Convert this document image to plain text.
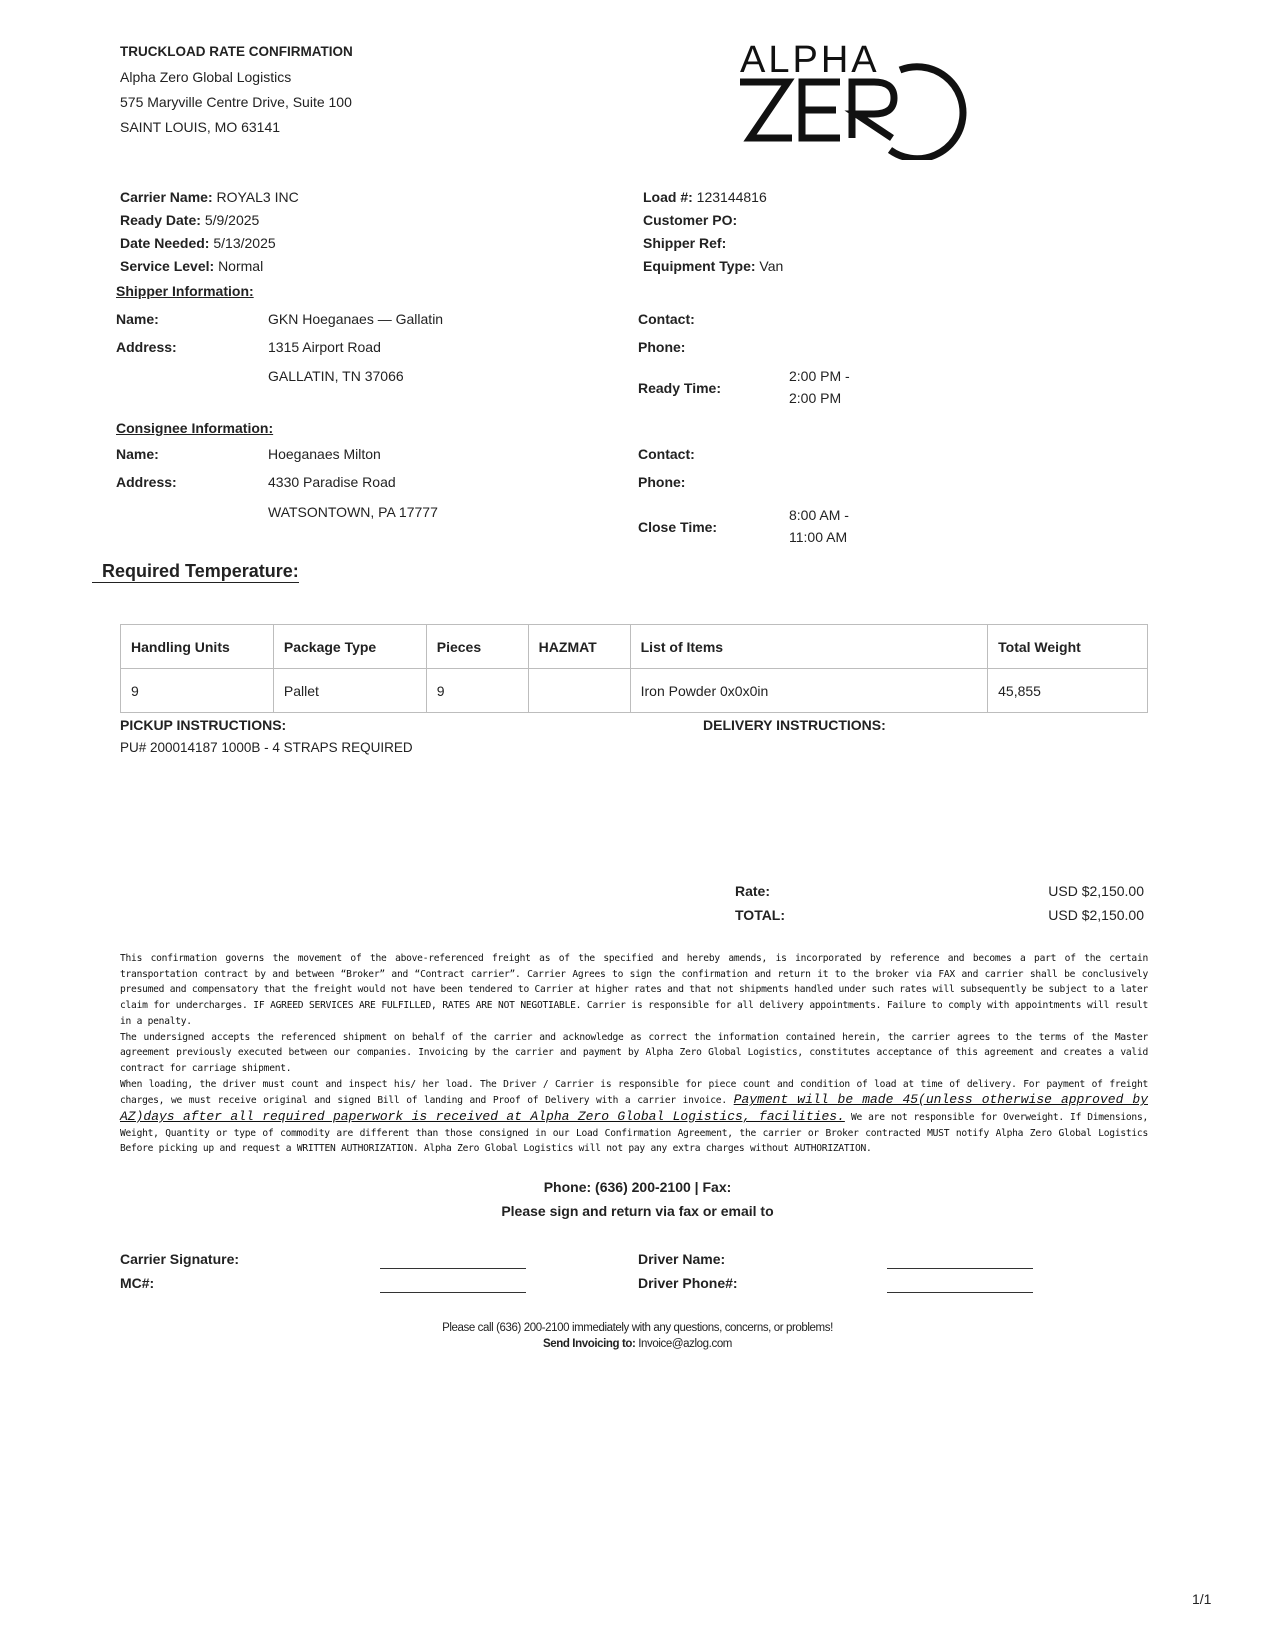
TRUCKLOAD RATE CONFIRMATION
Alpha Zero Global Logistics
575 Maryville Centre Drive, Suite 100
SAINT LOUIS, MO 63141
ALPHA
Carrier Name: ROYAL3 INC
Ready Date: 5/9/2025
Date Needed: 5/13/2025
Service Level: Normal
Load #: 123144816
Customer PO:
Shipper Ref:
Equipment Type: Van
Shipper Information:
Name:	GKN Hoeganaes — Gallatin
Address:	1315 Airport Road
GALLATIN, TN 37066
Contact:
Phone:
Ready Time:
2:00 PM -
2:00 PM
Consignee Information:
Name:	Hoeganaes Milton
Address:	4330 Paradise Road
WATSONTOWN, PA 17777
Contact:
Phone:
Close Time:
8:00 AM -
11:00 AM
Required Temperature:
Handling Units	Package Type	Pieces	HAZMAT	List of Items	Total Weight
9	Pallet	9		Iron Powder 0x0x0in	45,855
PICKUP INSTRUCTIONS:
PU# 200014187 1000B - 4 STRAPS REQUIRED
DELIVERY INSTRUCTIONS:
Rate:	USD $2,150.00
TOTAL:	USD $2,150.00

This confirmation governs the movement of the above-referenced freight as of the specified and hereby amends, is incorporated by reference and becomes a part of the certain transportation contract by and between “Broker” and “Contract carrier”. Carrier Agrees to sign the confirmation and return it to the broker via FAX and carrier shall be conclusively presumed and compensatory that the freight would not have been tendered to Carrier at higher rates and that not shipments handled under such rates will subsequently be subject to a later claim for undercharges. IF AGREED SERVICES ARE FULFILLED, RATES ARE NOT NEGOTIABLE. Carrier is responsible for all delivery appointments. Failure to comply with appointments will result in a penalty.

The undersigned accepts the referenced shipment on behalf of the carrier and acknowledge as correct the information contained herein, the carrier agrees to the terms of the Master agreement previously executed between our companies. Invoicing by the carrier and payment by Alpha Zero Global Logistics, constitutes acceptance of this agreement and creates a valid contract for carriage shipment.

When loading, the driver must count and inspect his/ her load. The Driver / Carrier is responsible for piece count and condition of load at time of delivery. For payment of freight charges, we must receive original and signed Bill of landing and Proof of Delivery with a carrier invoice. Payment will be made 45(unless otherwise approved by AZ)days after all required paperwork is received at Alpha Zero Global Logistics, facilities. We are not responsible for Overweight. If Dimensions, Weight, Quantity or type of commodity are different than those consigned in our Load Confirmation Agreement, the carrier or Broker contracted MUST notify Alpha Zero Global Logistics Before picking up and request a WRITTEN AUTHORIZATION. Alpha Zero Global Logistics will not pay any extra charges without AUTHORIZATION.

Phone: (636) 200-2100 | Fax:
Please sign and return via fax or email to
Carrier Signature:
MC#:
Driver Name:
Driver Phone#:
Please call (636) 200-2100 immediately with any questions, concerns, or problems!
Send Invoicing to: Invoice@azlog.com
1/1
